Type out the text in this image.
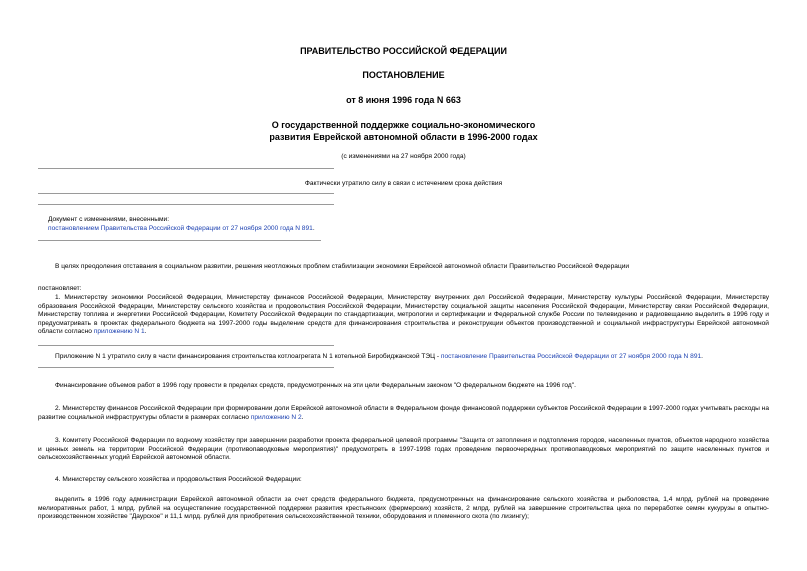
ПРАВИТЕЛЬСТВО РОССИЙСКОЙ ФЕДЕРАЦИИ
ПОСТАНОВЛЕНИЕ
от 8 июня 1996 года N 663
О государственной поддержке социально-экономического
развития Еврейской автономной области в 1996-2000 годах
(с изменениями на 27 ноября 2000 года)
Фактически утратило силу в связи с истечением срока действия
Документ с изменениями, внесенными:
постановлением Правительства Российской Федерации от 27 ноября 2000 года N 891.
В целях преодоления отставания в социальном развитии, решения неотложных проблем стабилизации экономики Еврейской автономной области Правительство Российской Федерации
постановляет:
1. Министерству экономики Российской Федерации, Министерству финансов Российской Федерации, Министерству внутренних дел Российской Федерации, Министерству культуры Российской Федерации, Министерству образования Российской Федерации, Министерству сельского хозяйства и продовольствия Российской Федерации, Министерству социальной защиты населения Российской Федерации, Министерству связи Российской Федерации, Министерству топлива и энергетики Российской Федерации, Комитету Российской Федерации по стандартизации, метрологии и сертификации и Федеральной службе России по телевидению и радиовещанию выделить в 1996 году и предусматривать в проектах федерального бюджета на 1997-2000 годы выделение средств для финансирования строительства и реконструкции объектов производственной и социальной инфраструктуры Еврейской автономной области согласно приложению N 1.
Приложение N 1 утратило силу в части финансирования строительства котлоагрегата N 1 котельной Биробиджанской ТЭЦ - постановление Правительства Российской Федерации от 27 ноября 2000 года N 891.
Финансирование объемов работ в 1996 году провести в пределах средств, предусмотренных на эти цели Федеральным законом "О федеральном бюджете на 1996 год".
2. Министерству финансов Российской Федерации при формировании доли Еврейской автономной области в Федеральном фонде финансовой поддержки субъектов Российской Федерации в 1997-2000 годах учитывать расходы на развитие социальной инфраструктуры области в размерах согласно приложению N 2.
3. Комитету Российской Федерации по водному хозяйству при завершении разработки проекта федеральной целевой программы "Защита от затопления и подтопления городов, населенных пунктов, объектов народного хозяйства и ценных земель на территории Российской Федерации (противопаводковые мероприятия)" предусмотреть в 1997-1998 годах проведение первоочередных противопаводковых мероприятий по защите населенных пунктов и сельскохозяйственных угодий Еврейской автономной области.
4. Министерству сельского хозяйства и продовольствия Российской Федерации:
выделить в 1996 году администрации Еврейской автономной области за счет средств федерального бюджета, предусмотренных на финансирование сельского хозяйства и рыболовства, 1,4 млрд. рублей на проведение мелиоративных работ, 1 млрд. рублей на осуществление государственной поддержки развития крестьянских (фермерских) хозяйств, 2 млрд. рублей на завершение строительства цеха по переработке семян кукурузы в опытно-производственном хозяйстве "Даурское" и 11,1 млрд. рублей для приобретения сельскохозяйственной техники, оборудования и племенного скота (по лизингу);
